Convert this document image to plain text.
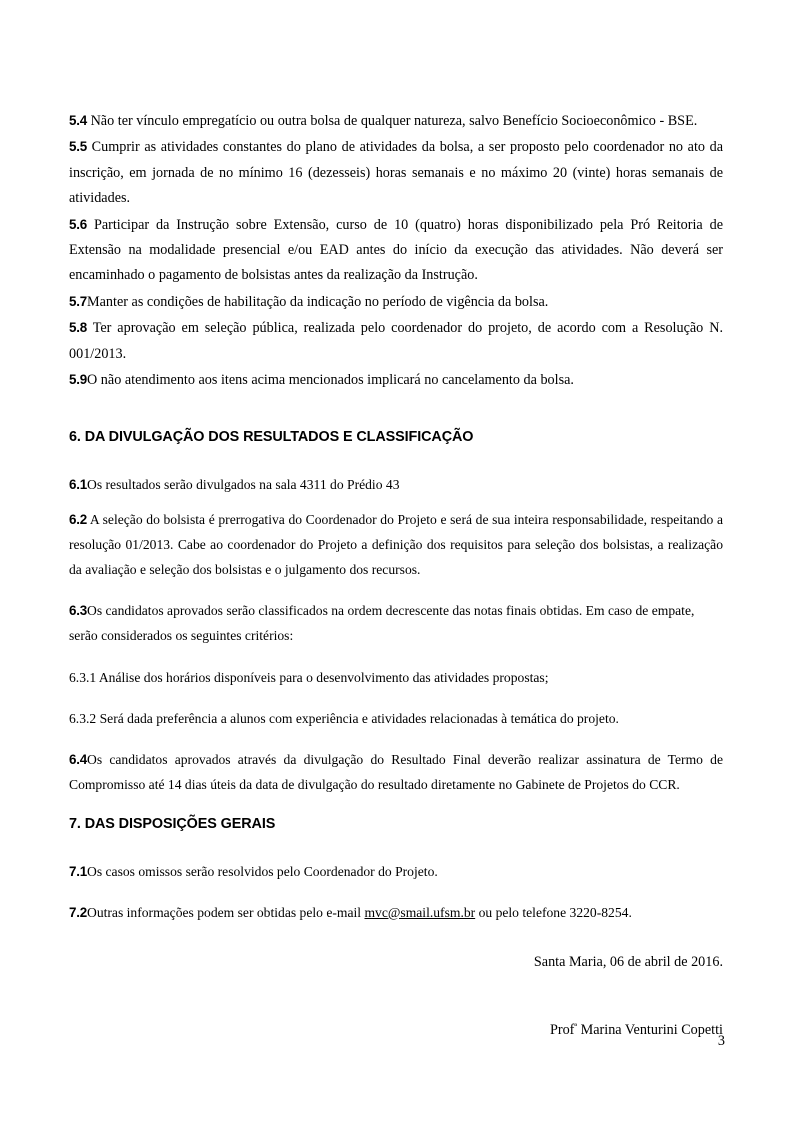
5.4 Não ter vínculo empregatício ou outra bolsa de qualquer natureza, salvo Benefício Socioeconômico - BSE.

5.5 Cumprir as atividades constantes do plano de atividades da bolsa, a ser proposto pelo coordenador no ato da inscrição, em jornada de no mínimo 16 (dezesseis) horas semanais e no máximo 20 (vinte) horas semanais de atividades.

5.6 Participar da Instrução sobre Extensão, curso de 10 (quatro) horas disponibilizado pela Pró Reitoria de Extensão na modalidade presencial e/ou EAD antes do início da execução das atividades. Não deverá ser encaminhado o pagamento de bolsistas antes da realização da Instrução.

5.7Manter as condições de habilitação da indicação no período de vigência da bolsa.

5.8 Ter aprovação em seleção pública, realizada pelo coordenador do projeto, de acordo com a Resolução N. 001/2013.

5.9O não atendimento aos itens acima mencionados implicará no cancelamento da bolsa.

6. DA DIVULGAÇÃO DOS RESULTADOS E CLASSIFICAÇÃO

6.1Os resultados serão divulgados na sala 4311 do Prédio 43

6.2 A seleção do bolsista é prerrogativa do Coordenador do Projeto e será de sua inteira responsabilidade, respeitando a resolução 01/2013. Cabe ao coordenador do Projeto a definição dos requisitos para seleção dos bolsistas, a realização da avaliação e seleção dos bolsistas e o julgamento dos recursos.

6.3Os candidatos aprovados serão classificados na ordem decrescente das notas finais obtidas. Em caso de empate, serão considerados os seguintes critérios:

6.3.1 Análise dos horários disponíveis para o desenvolvimento das atividades propostas;

6.3.2 Será dada preferência a alunos com experiência e atividades relacionadas à temática do projeto.

6.4Os candidatos aprovados através da divulgação do Resultado Final deverão realizar assinatura de Termo de Compromisso até 14 dias úteis da data de divulgação do resultado diretamente no Gabinete de Projetos do CCR.

7. DAS DISPOSIÇÕES GERAIS

7.1Os casos omissos serão resolvidos pelo Coordenador do Projeto.

7.2Outras informações podem ser obtidas pelo e-mail mvc@smail.ufsm.br ou pelo telefone 3220-8254.

Santa Maria, 06 de abril de 2016.

Prof$^ª$ Marina Venturini Copetti

3
